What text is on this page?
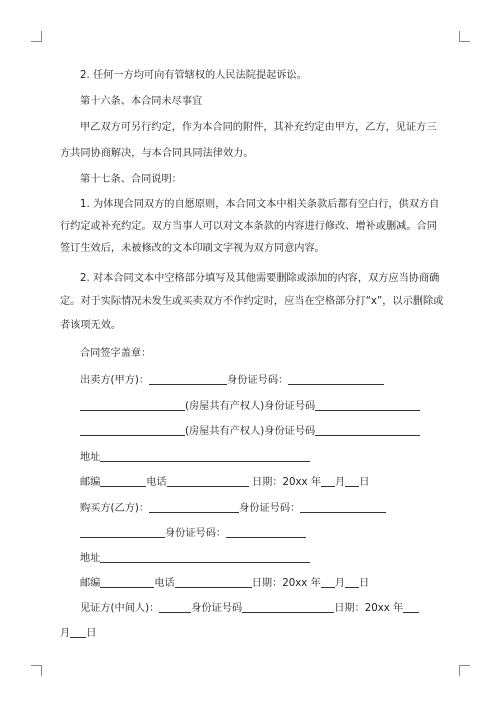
2. 任何一方均可向有管辖权的人民法院提起诉讼。
第十六条、本合同未尽事宜
甲乙双方可另行约定，作为本合同的附件，其补充约定由甲方，乙方，见证方三
方共同协商解决，与本合同具同法律效力。
第十七条、合同说明：
1. 为体现合同双方的自愿原则，本合同文本中相关条款后都有空白行，供双方自
行约定或补充约定。双方当事人可以对文本条款的内容进行修改、增补或删减。合同
签订生效后，未被修改的文本印刷文字视为双方同意内容。
2. 对本合同文本中空格部分填写及其他需要删除或添加的内容，双方应当协商确
定。对于实际情况未发生或买卖双方不作约定时，应当在空格部分打“x”，以示删除或
者该项无效。
合同签字盖章：
出卖方(甲方)：	身份证号码：
(房屋共有产权人)身份证号码
(房屋共有产权人)身份证号码
地址
邮编	电话	日期：20xx 年 月 日
购买方(乙方)：	身份证号码：
身份证号码：
地址
邮编	电话	日期：20xx 年 月 日
见证方(中间人)：	身份证号码	日期：20xx 年
月 日
